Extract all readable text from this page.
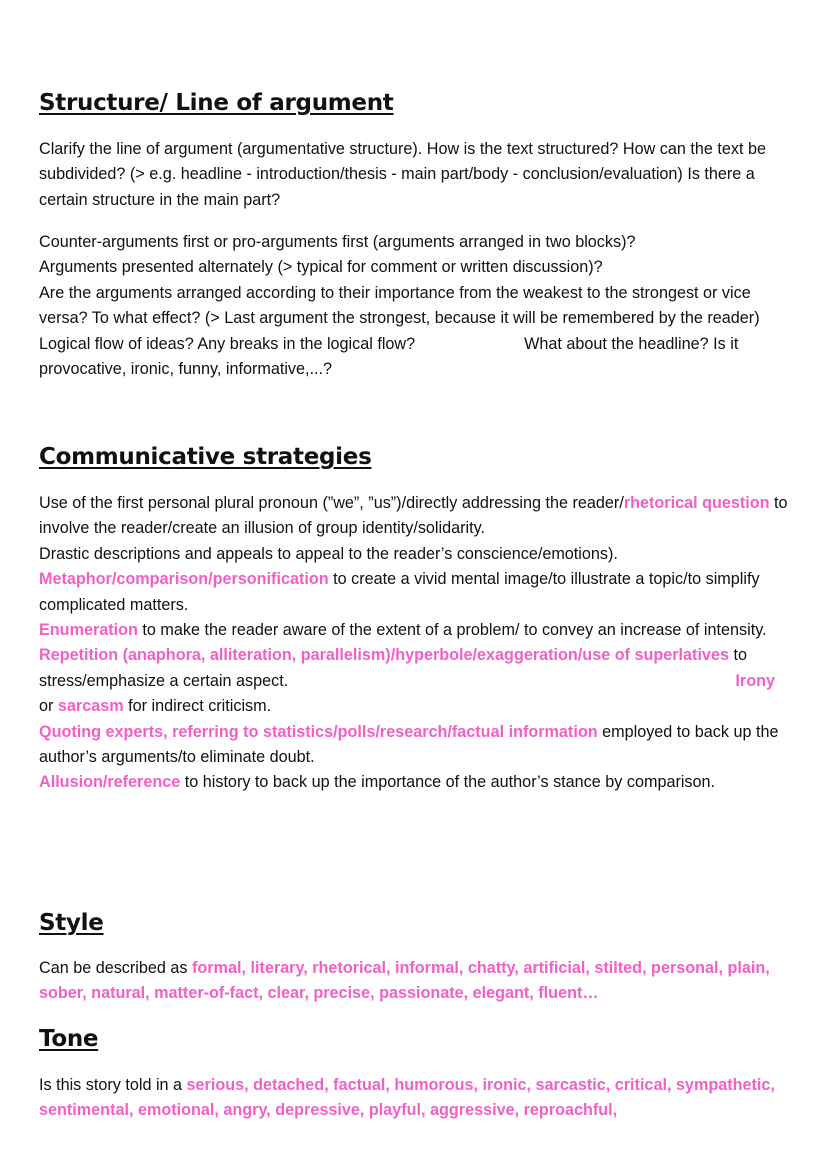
Structure/ Line of argument

Clarify the line of argument (argumentative structure). How is the text structured? How can the text be subdivided? (> e.g. headline - introduction/thesis - main part/body - conclusion/evaluation) Is there a certain structure in the main part?

Counter-arguments first or pro-arguments first (arguments arranged in two blocks)?
Arguments presented alternately (> typical for comment or written discussion)?
Are the arguments arranged according to their importance from the weakest to the strongest or vice versa? To what effect? (> Last argument the strongest, because it will be remembered by the reader) Logical flow of ideas? Any breaks in the logical flow?	What about the headline? Is it provocative, ironic, funny, informative,...?
Communicative strategies
Use of the first personal plural pronoun (”we”, ”us”)/directly addressing the reader/rhetorical question to involve the reader/create an illusion of group identity/solidarity.
Drastic descriptions and appeals to appeal to the reader’s conscience/emotions).
Metaphor/comparison/personification to create a vivid mental image/to illustrate a topic/to simplify complicated matters.
Enumeration to make the reader aware of the extent of a problem/ to convey an increase of intensity.
Repetition (anaphora, alliteration, parallelism)/hyperbole/exaggeration/use of superlatives to stress/emphasize a certain aspect.	Irony
or sarcasm for indirect criticism.
Quoting experts, referring to statistics/polls/research/factual information employed to back up the author’s arguments/to eliminate doubt.
Allusion/reference to history to back up the importance of the author’s stance by comparison.
Style
Can be described as formal, literary, rhetorical, informal, chatty, artificial, stilted, personal, plain, sober, natural, matter-of-fact, clear, precise, passionate, elegant, fluent…
Tone
Is this story told in a serious, detached, factual, humorous, ironic, sarcastic, critical, sympathetic, sentimental, emotional, angry, depressive, playful, aggressive, reproachful,
